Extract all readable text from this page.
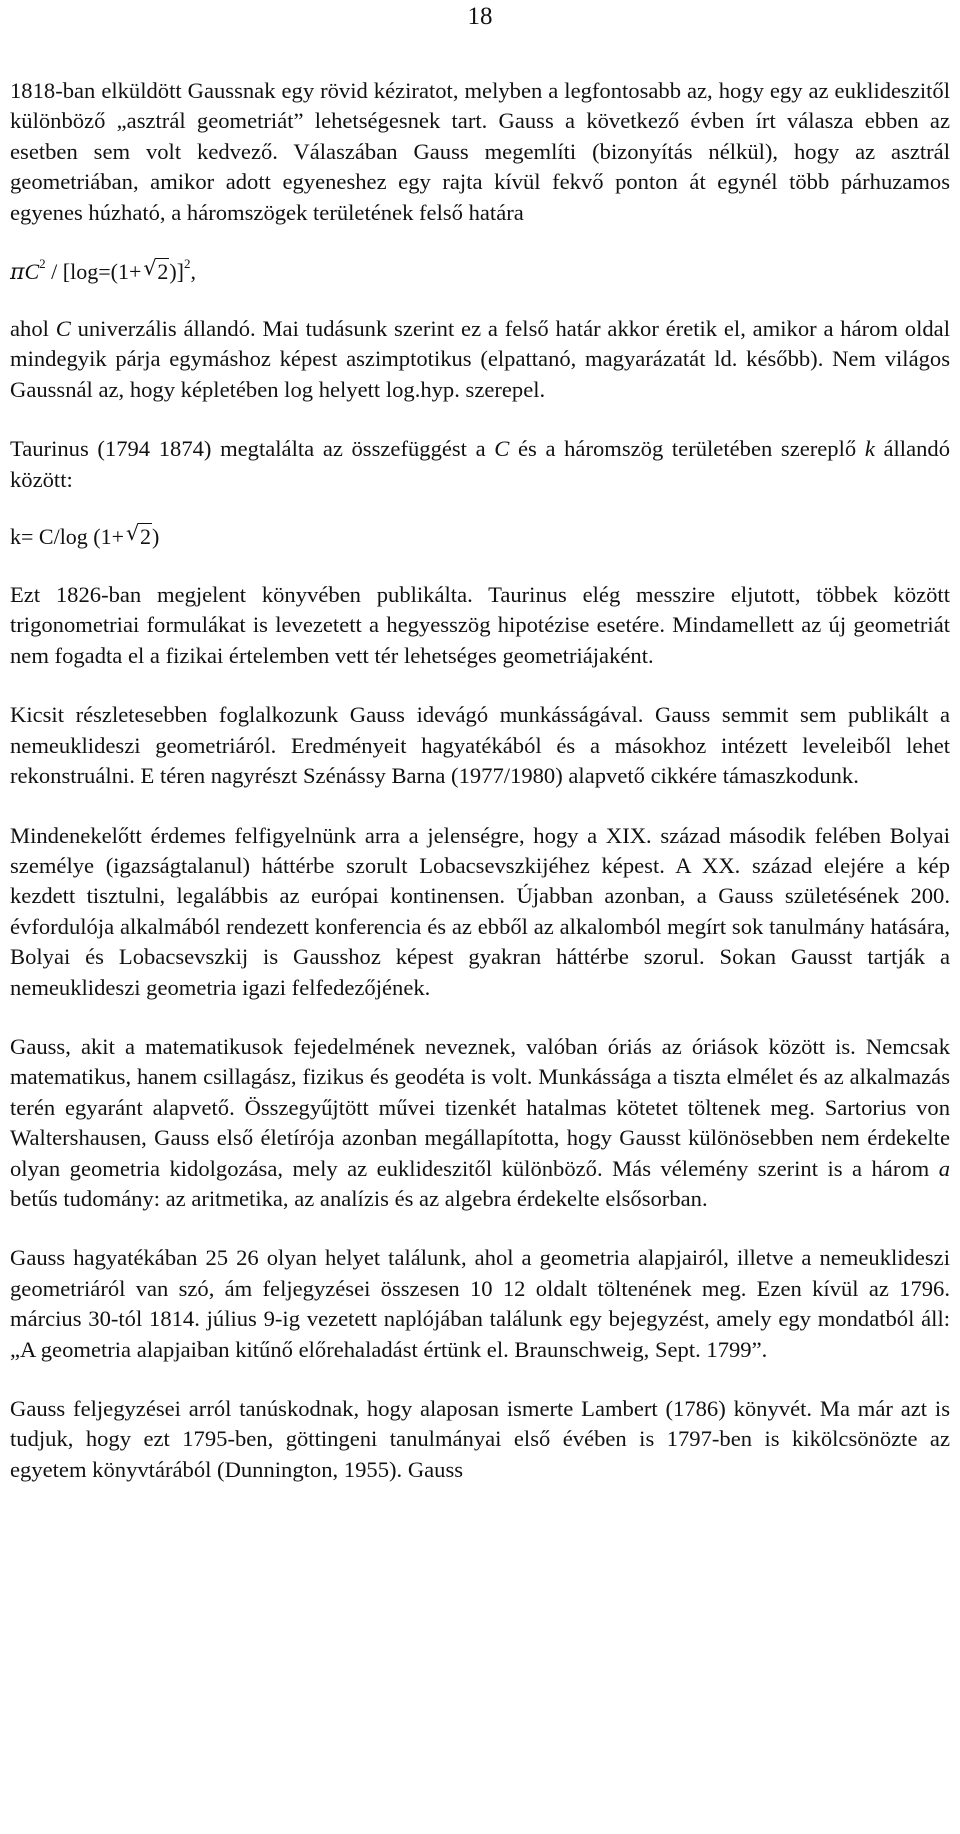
18

1818-ban elküldött Gaussnak egy rövid kéziratot, melyben a legfontosabb az, hogy egy az euklideszitől különböző „asztrál geometriát” lehetségesnek tart. Gauss a következő évben írt válasza ebben az esetben sem volt kedvező. Válaszában Gauss megemlíti (bizonyítás nélkül), hogy az asztrál geometriában, amikor adott egyeneshez egy rajta kívül fekvő ponton át egynél több párhuzamos egyenes húzható, a háromszögek területének felső határa

$\pi C^2 / [\log=(1+$ √ 2)]$^2$,

ahol C univerzális állandó. Mai tudásunk szerint ez a felső határ akkor éretik el, amikor a három oldal mindegyik párja egymáshoz képest aszimptotikus (elpattanó, magyarázatát ld. később). Nem világos Gaussnál az, hogy képletében log helyett log.hyp. szerepel.

Taurinus (1794 1874) megtalálta az összefüggést a C és a háromszög területében szereplő k állandó között:

k= C/log (1+ √ 2)

Ezt 1826-ban megjelent könyvében publikálta. Taurinus elég messzire eljutott, többek között trigonometriai formulákat is levezetett a hegyesszög hipotézise esetére. Mindamellett az új geometriát nem fogadta el a fizikai értelemben vett tér lehetséges geometriájaként.

Kicsit részletesebben foglalkozunk Gauss idevágó munkásságával. Gauss semmit sem publikált a nemeuklideszi geometriáról. Eredményeit hagyatékából és a másokhoz intézett leveleiből lehet rekonstruálni. E téren nagyrészt Szénássy Barna (1977/1980) alapvető cikkére támaszkodunk.

Mindenekelőtt érdemes felfigyelnünk arra a jelenségre, hogy a XIX. század második felében Bolyai személye (igazságtalanul) háttérbe szorult Lobacsevszkijéhez képest. A XX. század elejére a kép kezdett tisztulni, legalábbis az európai kontinensen. Újabban azonban, a Gauss születésének 200. évfordulója alkalmából rendezett konferencia és az ebből az alkalomból megírt sok tanulmány hatására, Bolyai és Lobacsevszkij is Gausshoz képest gyakran háttérbe szorul. Sokan Gausst tartják a nemeuklideszi geometria igazi felfedezőjének.

Gauss, akit a matematikusok fejedelmének neveznek, valóban óriás az óriások között is. Nemcsak matematikus, hanem csillagász, fizikus és geodéta is volt. Munkássága a tiszta elmélet és az alkalmazás terén egyaránt alapvető. Összegyűjtött művei tizenkét hatalmas kötetet töltenek meg. Sartorius von Waltershausen, Gauss első életírója azonban megállapította, hogy Gausst különösebben nem érdekelte olyan geometria kidolgozása, mely az euklideszitől különböző. Más vélemény szerint is a három a betűs tudomány: az aritmetika, az analízis és az algebra érdekelte elsősorban.

Gauss hagyatékában 25 26 olyan helyet találunk, ahol a geometria alapjairól, illetve a nemeuklideszi geometriáról van szó, ám feljegyzései összesen 10 12 oldalt töltenének meg. Ezen kívül az 1796. március 30-tól 1814. július 9-ig vezetett naplójában találunk egy bejegyzést, amely egy mondatból áll: „A geometria alapjaiban kitűnő előrehaladást értünk el. Braunschweig, Sept. 1799”.

Gauss feljegyzései arról tanúskodnak, hogy alaposan ismerte Lambert (1786) könyvét. Ma már azt is tudjuk, hogy ezt 1795-ben, göttingeni tanulmányai első évében is 1797-ben is kikölcsönözte az egyetem könyvtárából (Dunnington, 1955). Gauss
